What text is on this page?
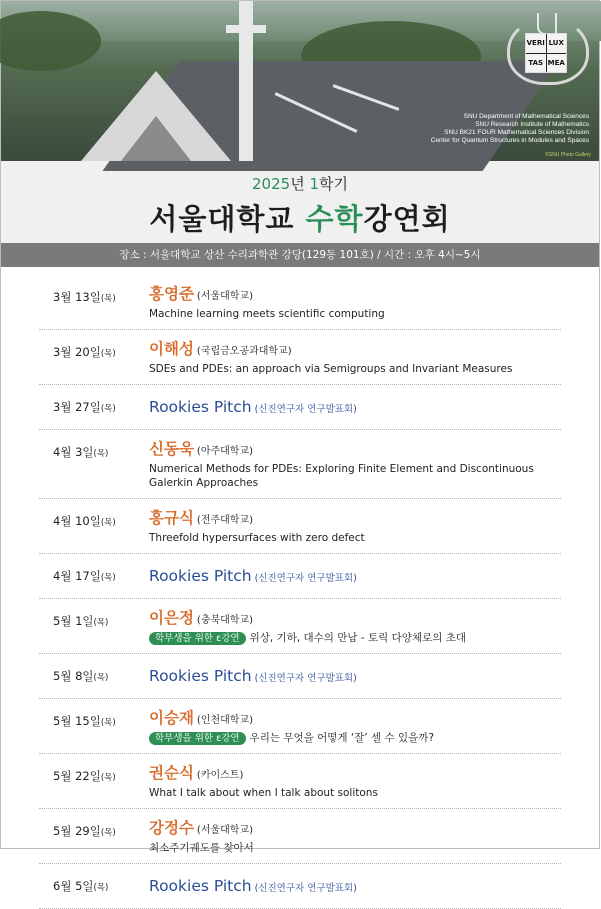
VERI LUX
TAS MEA
SNU Department of Mathematical Sciences
SNU Research Institute of Mathematics
SNU BK21 FOUR Mathematical Sciences Division
Center for Quantum Structures in Modules and Spaces
©SNU Photo Gallery
2025년 1학기
서울대학교 수학강연회
장소 : 서울대학교 상산 수리과학관 강당(129동 101호) / 시간 : 오후 4시~5시
3월 13일(목)	홍영준 (서울대학교)
Machine learning meets scientific computing
3월 20일(목)	이해성 (국립금오공과대학교)
SDEs and PDEs: an approach via Semigroups and Invariant Measures
3월 27일(목)	Rookies Pitch (신진연구자 연구발표회)
4월 3일(목)	신동욱 (아주대학교)
Numerical Methods for PDEs: Exploring Finite Element and Discontinuous Galerkin Approaches
4월 10일(목)	홍규식 (전주대학교)
Threefold hypersurfaces with zero defect
4월 17일(목)	Rookies Pitch (신진연구자 연구발표회)
5월 1일(목)	이은정 (충북대학교)
학부생을 위한 ε강연 위상, 기하, 대수의 만남 - 토릭 다양체로의 초대
5월 8일(목)	Rookies Pitch (신진연구자 연구발표회)
5월 15일(목)	이승재 (인천대학교)
학부생을 위한 ε강연 우리는 무엇을 어떻게 ‘잘’ 셀 수 있을까?
5월 22일(목)	권순식 (카이스트)
What I talk about when I talk about solitons
5월 29일(목)	강정수 (서울대학교)
최소주기궤도를 찾아서
6월 5일(목)	Rookies Pitch (신진연구자 연구발표회)
